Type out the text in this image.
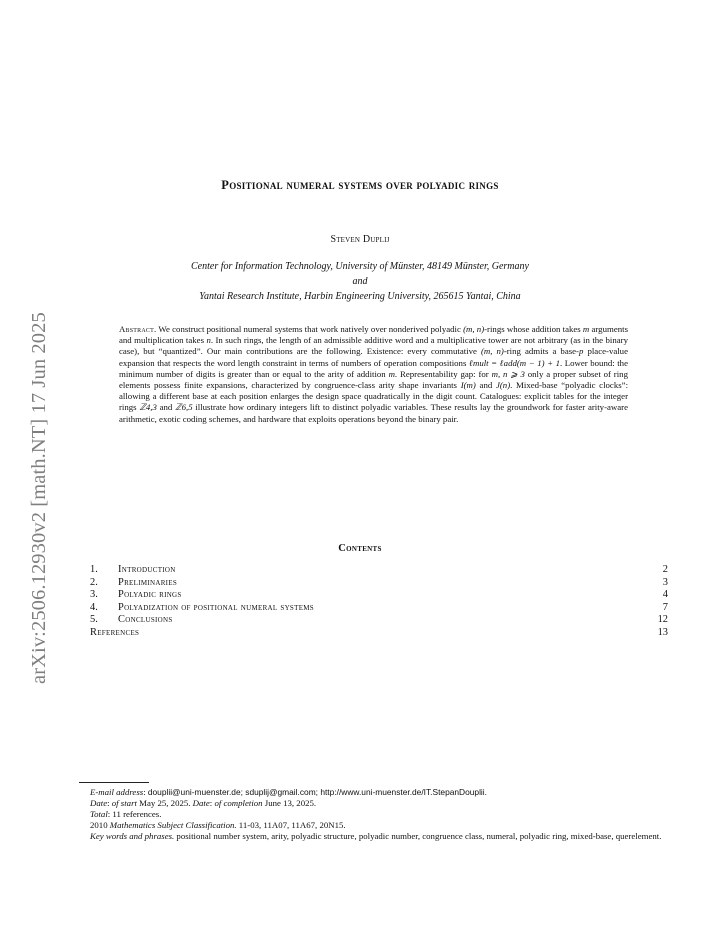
arXiv:2506.12930v2 [math.NT] 17 Jun 2025
Positional numeral systems over polyadic rings
Steven Duplij
Center for Information Technology, University of Münster, 48149 Münster, Germany
and
Yantai Research Institute, Harbin Engineering University, 265615 Yantai, China

Abstract. We construct positional numeral systems that work natively over nonderived polyadic (m, n)-rings whose addition takes m arguments and multiplication takes n. In such rings, the length of an admissible additive word and a multiplicative tower are not arbitrary (as in the binary case), but “quantized”. Our main contributions are the following. Existence: every commutative (m, n)-ring admits a base-p place-value expansion that respects the word length constraint in terms of numbers of operation compositions ℓmult = ℓadd(m − 1) + 1. Lower bound: the minimum number of digits is greater than or equal to the arity of addition m. Representability gap: for m, n ⩾ 3 only a proper subset of ring elements possess finite expansions, characterized by congruence-class arity shape invariants I(m) and J(n). Mixed-base “polyadic clocks”: allowing a different base at each position enlarges the design space quadratically in the digit count. Catalogues: explicit tables for the integer rings ℤ4,3 and ℤ6,5 illustrate how ordinary integers lift to distinct polyadic variables. These results lay the groundwork for faster arity-aware arithmetic, exotic coding schemes, and hardware that exploits operations beyond the binary pair.

Contents
1. Introduction	2
2. Preliminaries	3
3. Polyadic rings	4
4. Polyadization of positional numeral systems	7
5. Conclusions	12
References	13
E-mail address: douplii@uni-muenster.de; sduplij@gmail.com; http://www.uni-muenster.de/IT.StepanDouplii.
Date: of start May 25, 2025. Date: of completion June 13, 2025.
Total: 11 references.
2010 Mathematics Subject Classification. 11-03, 11A07, 11A67, 20N15.
Key words and phrases. positional number system, arity, polyadic structure, polyadic number, congruence class, numeral, polyadic ring, mixed-base, querelement.
